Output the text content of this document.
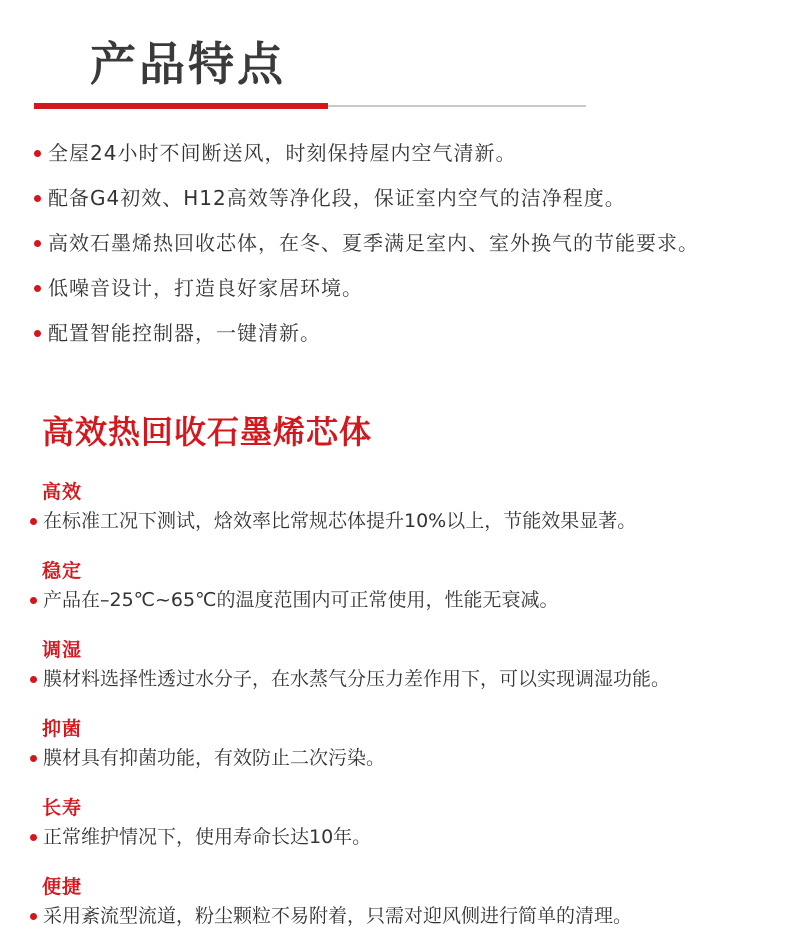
产品特点
全屋24小时不间断送风，时刻保持屋内空气清新。
配备G4初效、H12高效等净化段，保证室内空气的洁净程度。
高效石墨烯热回收芯体，在冬、夏季满足室内、室外换气的节能要求。
低噪音设计，打造良好家居环境。
配置智能控制器，一键清新。
高效热回收石墨烯芯体
高效

在标准工况下测试，焓效率比常规芯体提升10%以上，节能效果显著。

稳定

产品在–25℃~65℃的温度范围内可正常使用，性能无衰减。

调湿

膜材料选择性透过水分子，在水蒸气分压力差作用下，可以实现调湿功能。

抑菌

膜材具有抑菌功能，有效防止二次污染。

长寿

正常维护情况下，使用寿命长达10年。

便捷

采用紊流型流道，粉尘颗粒不易附着，只需对迎风侧进行简单的清理。
